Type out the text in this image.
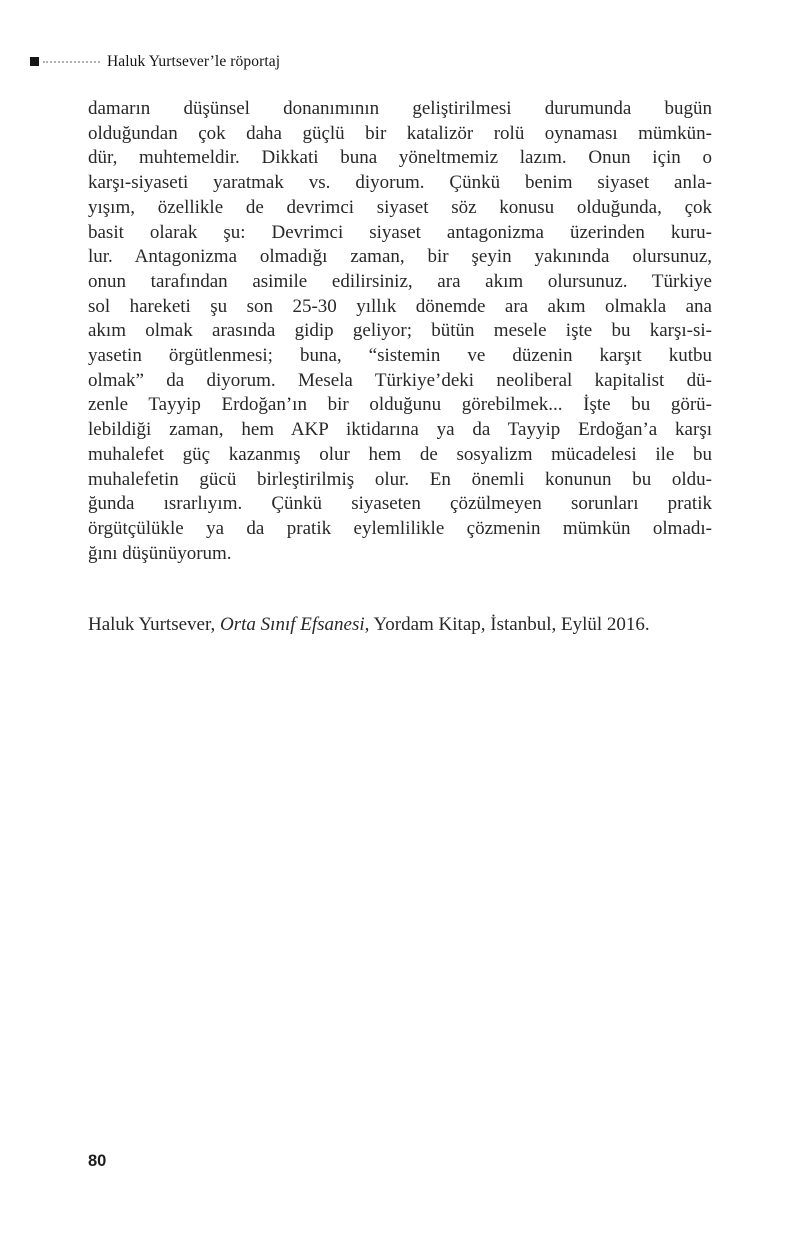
Haluk Yurtsever’le röportaj
damarın düşünsel donanımının geliştirilmesi durumunda bugün
olduğundan çok daha güçlü bir katalizör rolü oynaması mümkün-
dür, muhtemeldir. Dikkati buna yöneltmemiz lazım. Onun için o
karşı-siyaseti yaratmak vs. diyorum. Çünkü benim siyaset anla-
yışım, özellikle de devrimci siyaset söz konusu olduğunda, çok
basit olarak şu: Devrimci siyaset antagonizma üzerinden kuru-
lur. Antagonizma olmadığı zaman, bir şeyin yakınında olursunuz,
onun tarafından asimile edilirsiniz, ara akım olursunuz. Türkiye
sol hareketi şu son 25-30 yıllık dönemde ara akım olmakla ana
akım olmak arasında gidip geliyor; bütün mesele işte bu karşı-si-
yasetin örgütlenmesi; buna, “sistemin ve düzenin karşıt kutbu
olmak” da diyorum. Mesela Türkiye’deki neoliberal kapitalist dü-
zenle Tayyip Erdoğan’ın bir olduğunu görebilmek... İşte bu görü-
lebildiği zaman, hem AKP iktidarına ya da Tayyip Erdoğan’a karşı
muhalefet güç kazanmış olur hem de sosyalizm mücadelesi ile bu
muhalefetin gücü birleştirilmiş olur. En önemli konunun bu oldu-
ğunda ısrarlıyım. Çünkü siyaseten çözülmeyen sorunları pratik
örgütçülükle ya da pratik eylemlilikle çözmenin mümkün olmadı-
ğını düşünüyorum.

Haluk Yurtsever, Orta Sınıf Efsanesi, Yordam Kitap, İstanbul, Eylül 2016.

80
